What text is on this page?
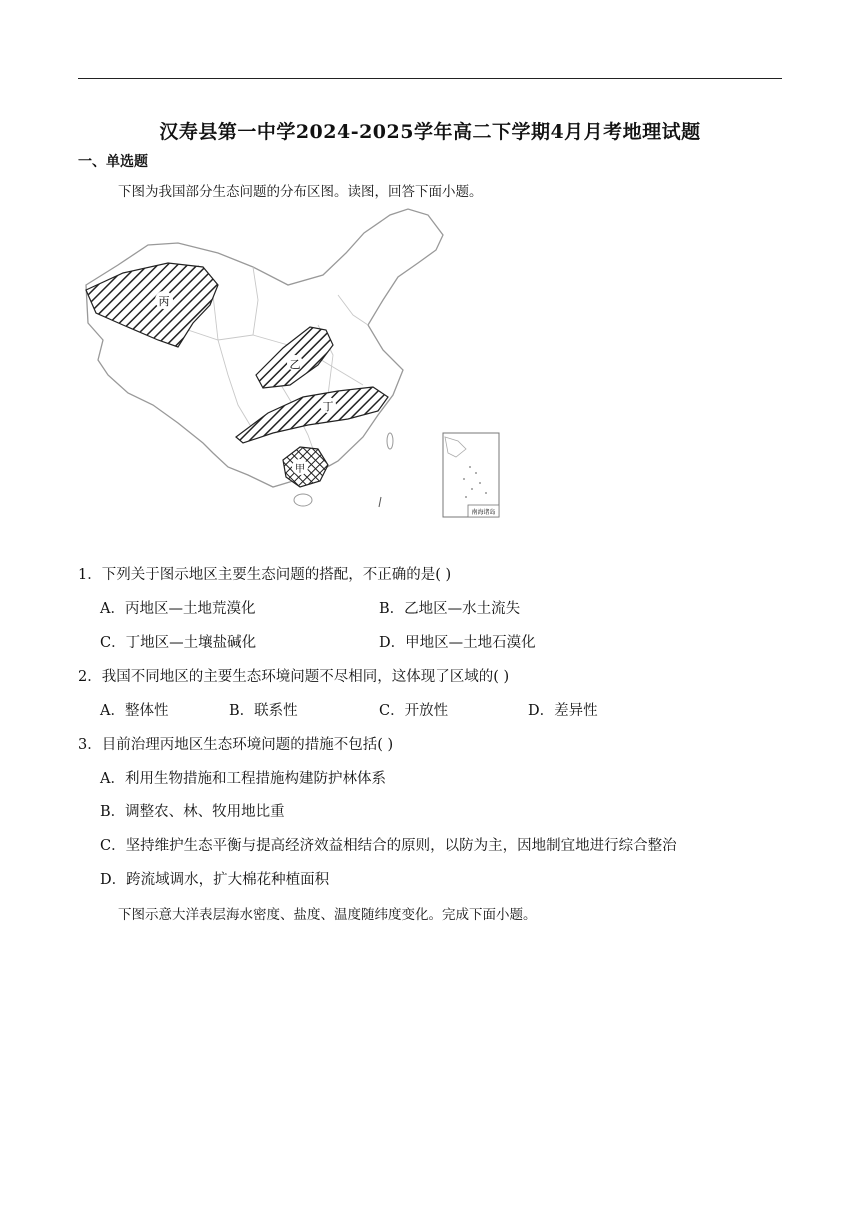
汉寿县第一中学2024-2025学年高二下学期4月月考地理试题
一、单选题
下图为我国部分生态问题的分布区图。读图，回答下面小题。
丙
乙
丁
甲
南海诸岛
1．下列关于图示地区主要生态问题的搭配，不正确的是( )
A．丙地区—土地荒漠化	B．乙地区—水土流失
C．丁地区—土壤盐碱化	D．甲地区—土地石漠化
2．我国不同地区的主要生态环境问题不尽相同，这体现了区域的( )
A．整体性	B．联系性	C．开放性	D．差异性
3．目前治理丙地区生态环境问题的措施不包括( )
A．利用生物措施和工程措施构建防护林体系
B．调整农、林、牧用地比重
C．坚持维护生态平衡与提高经济效益相结合的原则，以防为主，因地制宜地进行综合整治
D．跨流域调水，扩大棉花种植面积
下图示意大洋表层海水密度、盐度、温度随纬度变化。完成下面小题。
